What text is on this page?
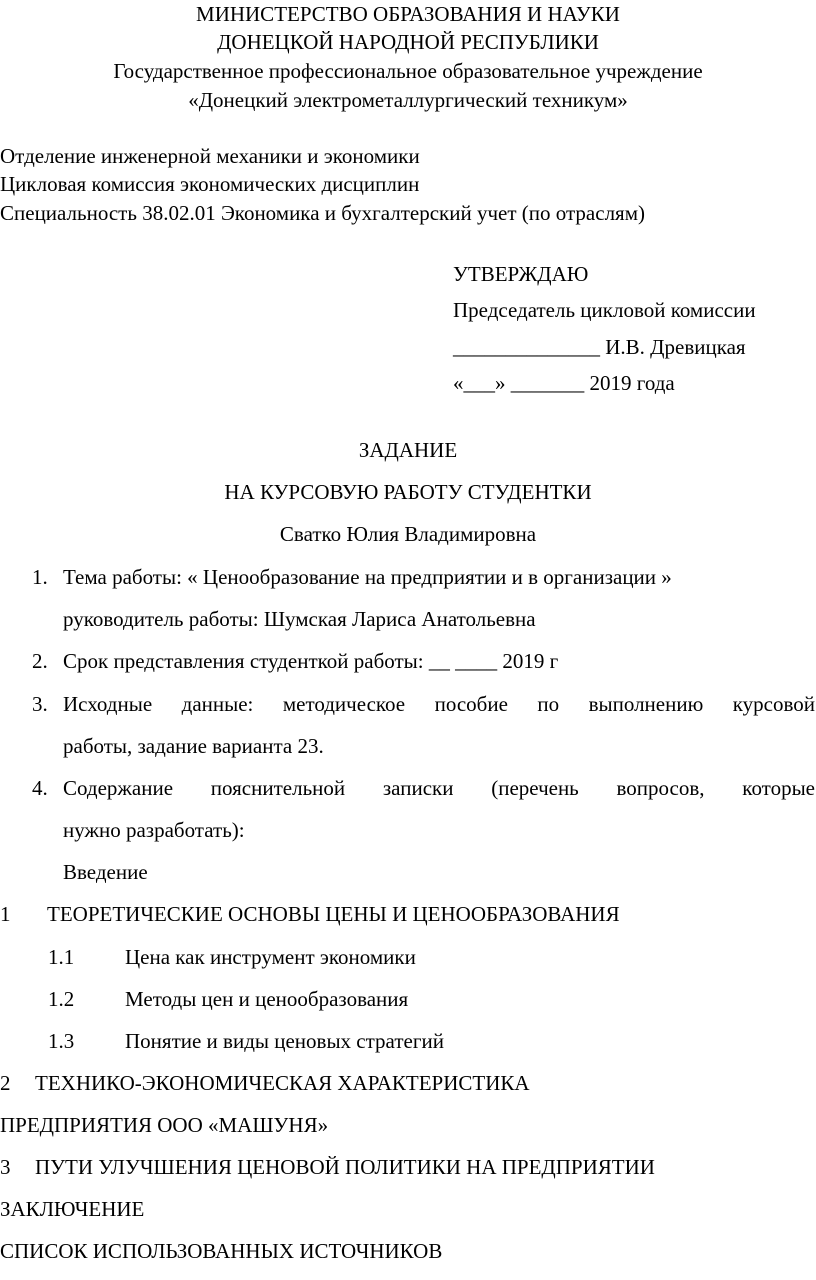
МИНИСТЕРСТВО ОБРАЗОВАНИЯ И НАУКИ
ДОНЕЦКОЙ НАРОДНОЙ РЕСПУБЛИКИ
Государственное профессиональное образовательное учреждение
«Донецкий электрометаллургический техникум»
Отделение инженерной механики и экономики
Цикловая комиссия экономических дисциплин
Специальность 38.02.01 Экономика и бухгалтерский учет (по отраслям)
УТВЕРЖДАЮ
Председатель цикловой комиссии
______________ И.В. Древицкая
«___» _______ 2019 года
ЗАДАНИЕ
НА КУРСОВУЮ РАБОТУ СТУДЕНТКИ
Сватко Юлия Владимировна
1. Тема работы: « Ценообразование на предприятии и в организации »
руководитель работы: Шумская Лариса Анатольевна
2. Срок представления студенткой работы: __ ____ 2019 г
3. Исходные данные: методическое пособие по выполнению курсовой
работы, задание варианта 23.
4. Содержание пояснительной записки (перечень вопросов, которые
нужно разработать):
Введение
1 ТЕОРЕТИЧЕСКИЕ ОСНОВЫ ЦЕНЫ И ЦЕНООБРАЗОВАНИЯ
1.1 Цена как инструмент экономики
1.2 Методы цен и ценообразования
1.3 Понятие и виды ценовых стратегий
2 ТЕХНИКО-ЭКОНОМИЧЕСКАЯ ХАРАКТЕРИСТИКА
ПРЕДПРИЯТИЯ ООО «МАШУНЯ»
3 ПУТИ УЛУЧШЕНИЯ ЦЕНОВОЙ ПОЛИТИКИ НА ПРЕДПРИЯТИИ
ЗАКЛЮЧЕНИЕ
СПИСОК ИСПОЛЬЗОВАННЫХ ИСТОЧНИКОВ
